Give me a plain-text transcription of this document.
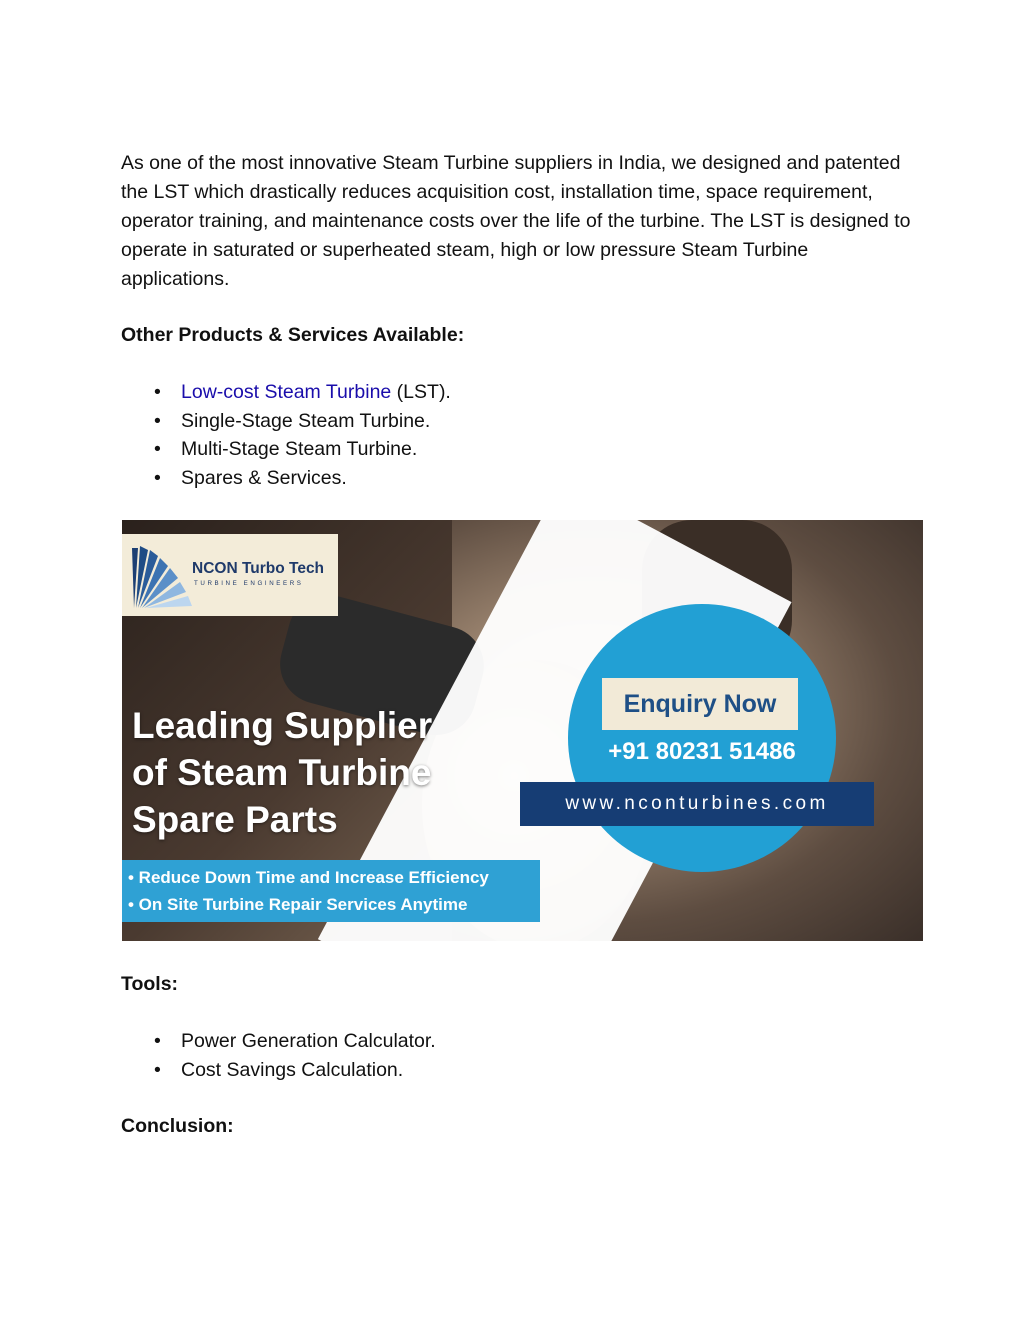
As one of the most innovative Steam Turbine suppliers in India, we designed and patented the LST which drastically reduces acquisition cost, installation time, space requirement, operator training, and maintenance costs over the life of the turbine. The LST is designed to operate in saturated or superheated steam, high or low pressure Steam Turbine applications.
Other Products & Services Available:
• Low-cost Steam Turbine (LST).
• Single-Stage Steam Turbine.
• Multi-Stage Steam Turbine.
• Spares & Services.
NCON Turbo Tech
TURBINE ENGINEERS
Leading Supplier
of Steam Turbine
Spare Parts
• Reduce Down Time and Increase Efficiency
• On Site Turbine Repair Services Anytime
Enquiry Now
+91 80231 51486
www.nconturbines.com
Tools:
• Power Generation Calculator.
• Cost Savings Calculation.
Conclusion:
